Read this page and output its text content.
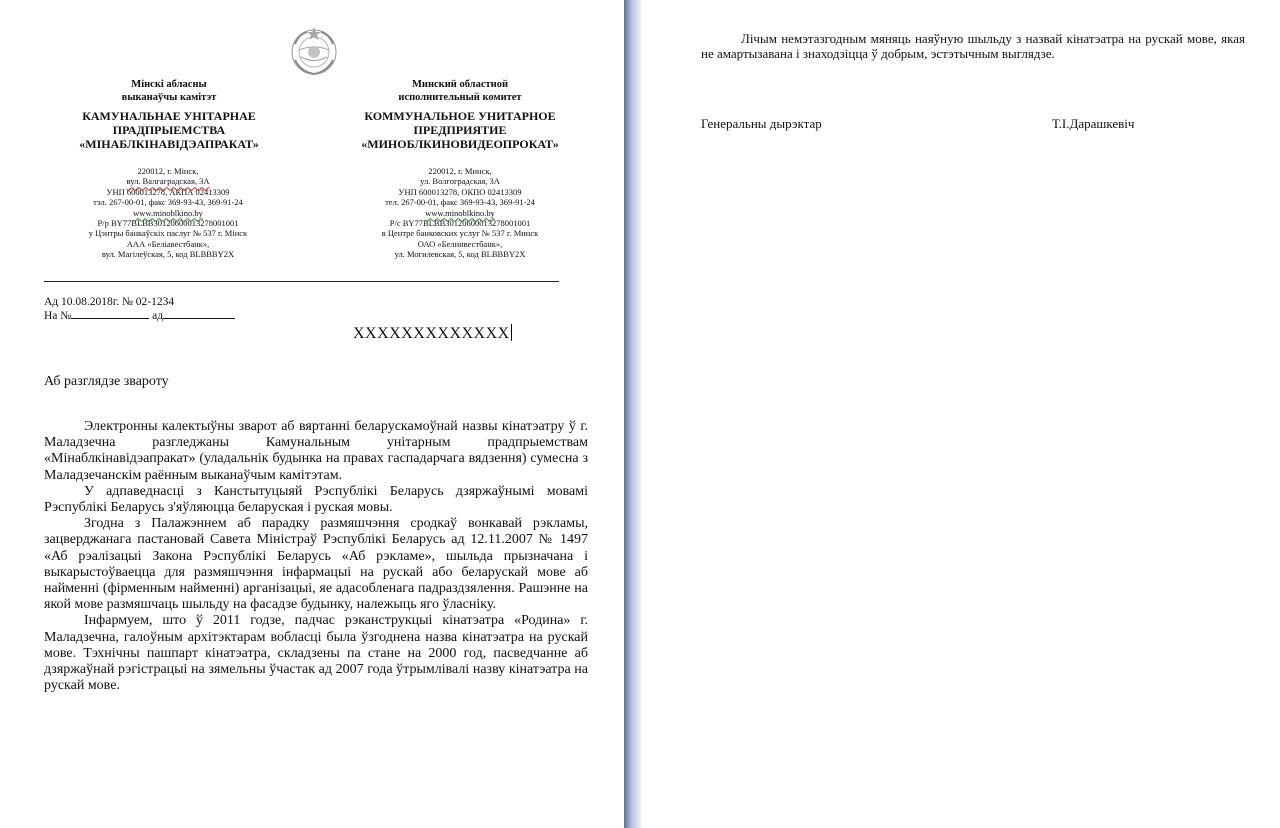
Мінскі абласны
выканаўчы камітэт
КАМУНАЛЬНАЕ УНІТАРНАЕ
ПРАДПРЫЕМСТВА
«МІНАБЛКІНАВІДЭАПРАКАТ»
Минский областной
исполнительный комитет
КОММУНАЛЬНОЕ УНИТАРНОЕ
ПРЕДПРИЯТИЕ
«МИНОБЛКИНОВИДЕОПРОКАТ»
220012, г. Мінск,
вул. Валгаградская, 3А
УНП 600013278, АКПА 02413309
тэл. 267-00-01, факс 369-93-43, 369-91-24
www.minoblkino.by
Р/р BY77BLBB30120600013278001001
у Цэнтры банкаўскіх паслуг № 537 г. Мінск
ААА «Беліавестбанк»,
вул. Магілеўская, 5, код BLBBBY2X
220012, г. Минск,
ул. Волгоградская, 3А
УНП 600013278, ОКПО 02413309
тел. 267-00-01, факс 369-93-43, 369-91-24
www.minoblkino.by
Р/с BY77BLBB30120600013278001001
в Центре банковских услуг № 537 г. Минск
ОАО «Белинвестбанк»,
ул. Могилевская, 5, код BLBBBY2X
Ад 10.08.2018г. № 02-1234
На №	ад
XXXXXXXXXXXXX
Аб разглядзе звароту

Электронны калектыўны зварот аб вяртанні беларускамоўнай назвы кінатэатру ў г. Маладзечна разгледжаны Камунальным унітарным прадпрыемствам «Мінаблкінавідэапракат» (уладальнік будынка на правах гаспадарчага вядзення) сумесна з Маладзечанскім раённым выканаўчым камітэтам.

У адпаведнасці з Канстытуцыяй Рэспублікі Беларусь дзяржаўнымі мовамі Рэспублікі Беларусь з'яўляюцца беларуская і руская мовы.

Згодна з Палажэннем аб парадку размяшчэння сродкаў вонкавай рэкламы, зацверджанага пастановай Савета Міністраў Рэспублікі Беларусь ад 12.11.2007 № 1497 «Аб рэалізацыі Закона Рэспублікі Беларусь «Аб рэкламе», шыльда прызначана і выкарыстоўваецца для размяшчэння інфармацыі на рускай або беларускай мове аб найменні (фірменным найменні) арганізацыі, яе адасобленага падраздзялення. Рашэнне на якой мове размяшчаць шыльду на фасадзе будынку, належыць яго ўласніку.

Інфармуем, што ў 2011 годзе, падчас рэканструкцыі кінатэатра «Родина» г. Маладзечна, галоўным архітэктарам вобласці была ўзгоднена назва кінатэатра на рускай мове. Тэхнічны пашпарт кінатэатра, складзены па стане на 2000 год, пасведчанне аб дзяржаўнай рэгістрацыі на зямельны ўчастак ад 2007 года ўтрымлівалі назву кінатэатра на рускай мове.

Лічым немэтазгодным мяняць наяўную шыльду з назвай кінатэатра на рускай мове, якая не амартызавана і знаходзіцца ў добрым, эстэтычным выглядзе.

Генеральны дырэктар	Т.І.Дарашкевіч
